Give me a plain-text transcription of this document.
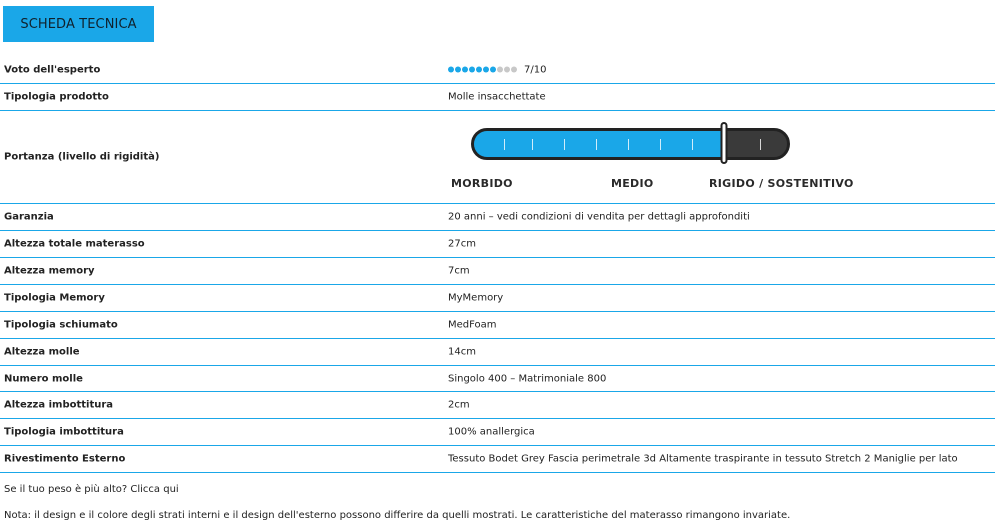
SCHEDA TECNICA
Voto dell'esperto	7/10
Tipologia prodotto	Molle insacchettate
Portanza (livello di rigidità)
MORBIDO	MEDIO	RIGIDO / SOSTENITIVO
Garanzia	20 anni – vedi condizioni di vendita per dettagli approfonditi
Altezza totale materasso	27cm
Altezza memory	7cm
Tipologia Memory	MyMemory
Tipologia schiumato	MedFoam
Altezza molle	14cm
Numero molle	Singolo 400 – Matrimoniale 800
Altezza imbottitura	2cm
Tipologia imbottitura	100% anallergica
Rivestimento Esterno	Tessuto Bodet Grey Fascia perimetrale 3d Altamente traspirante in tessuto Stretch 2 Maniglie per lato
Se il tuo peso è più alto? Clicca qui
Nota: il design e il colore degli strati interni e il design dell'esterno possono differire da quelli mostrati. Le caratteristiche del materasso rimangono invariate.
